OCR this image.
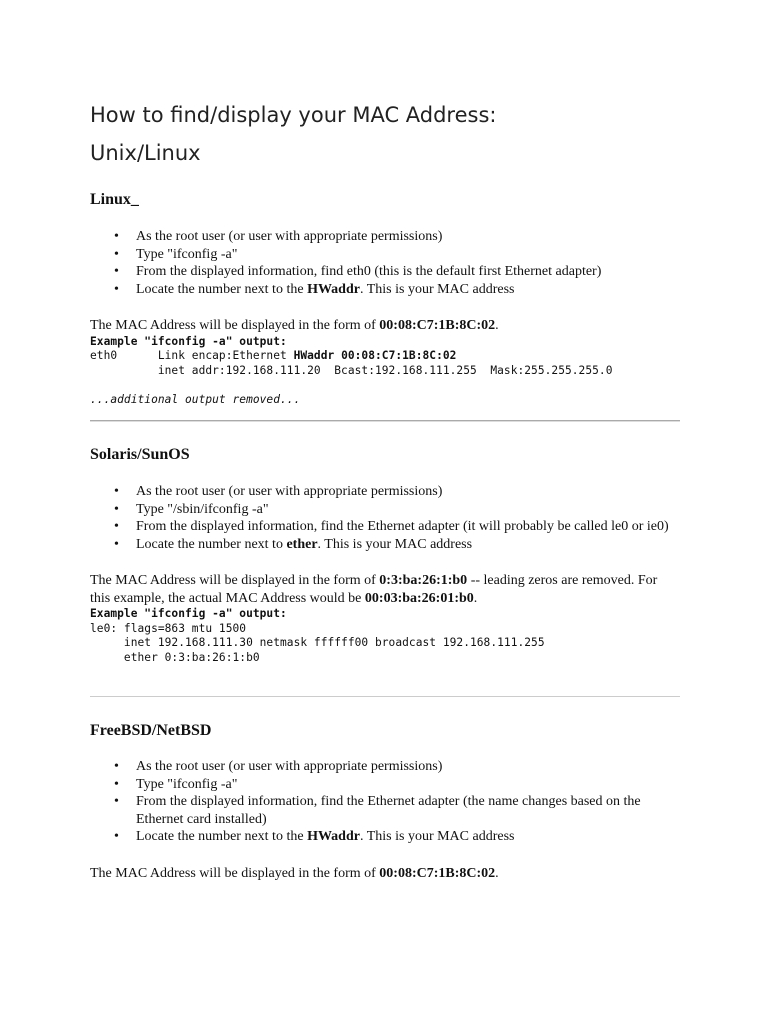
How to find/display your MAC Address:
Unix/Linux
Linux_
• As the root user (or user with appropriate permissions)
• Type "ifconfig -a"
• From the displayed information, find eth0 (this is the default first Ethernet adapter)
• Locate the number next to the HWaddr. This is your MAC address

The MAC Address will be displayed in the form of 00:08:C7:1B:8C:02.

Example "ifconfig -a" output:
eth0      Link encap:Ethernet HWaddr 00:08:C7:1B:8C:02
inet addr:192.168.111.20  Bcast:192.168.111.255  Mask:255.255.255.0

...additional output removed...
Solaris/SunOS
• As the root user (or user with appropriate permissions)
• Type "/sbin/ifconfig -a"
• From the displayed information, find the Ethernet adapter (it will probably be called le0 or ie0)
• Locate the number next to ether. This is your MAC address

The MAC Address will be displayed in the form of 0:3:ba:26:1:b0 -- leading zeros are removed. For this example, the actual MAC Address would be 00:03:ba:26:01:b0.

Example "ifconfig -a" output:
le0: flags=863 mtu 1500
inet 192.168.111.30 netmask ffffff00 broadcast 192.168.111.255
ether 0:3:ba:26:1:b0
FreeBSD/NetBSD
• As the root user (or user with appropriate permissions)
• Type "ifconfig -a"
• From the displayed information, find the Ethernet adapter (the name changes based on the Ethernet card installed)
• Locate the number next to the HWaddr. This is your MAC address

The MAC Address will be displayed in the form of 00:08:C7:1B:8C:02.
